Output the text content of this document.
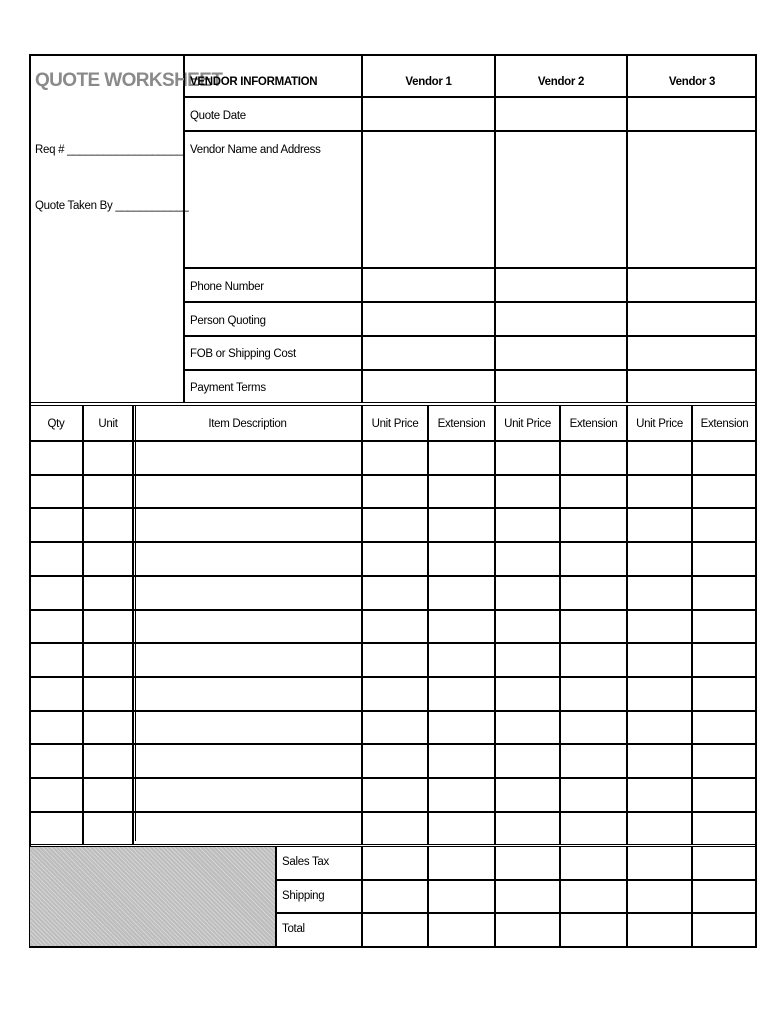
QUOTE WORKSHEET
Req # ___________________
Quote Taken By ____________
VENDOR INFORMATION	Vendor 1	Vendor 2	Vendor 3
Quote Date
Vendor Name and Address
Phone Number
Person Quoting
FOB or Shipping Cost
Payment Terms
Qty	Unit	Item Description	Unit Price	Extension	Unit Price	Extension	Unit Price	Extension
Sales Tax
Shipping
Total
